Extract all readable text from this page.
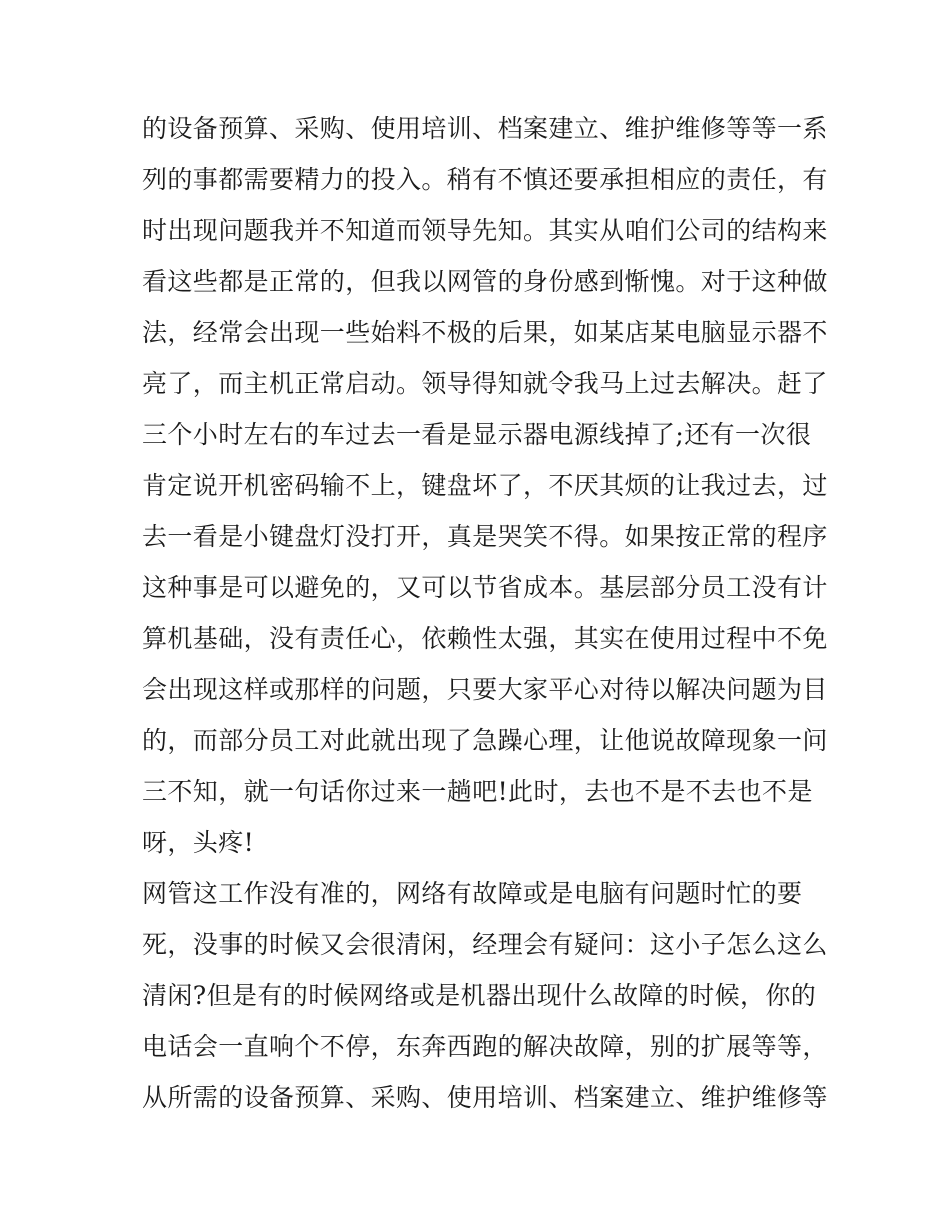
的设备预算、采购、使用培训、档案建立、维护维修等等一系
列的事都需要精力的投入。稍有不慎还要承担相应的责任，有
时出现问题我并不知道而领导先知。其实从咱们公司的结构来
看这些都是正常的，但我以网管的身份感到惭愧。对于这种做
法，经常会出现一些始料不极的后果，如某店某电脑显示器不
亮了，而主机正常启动。领导得知就令我马上过去解决。赶了
三个小时左右的车过去一看是显示器电源线掉了;还有一次很
肯定说开机密码输不上，键盘坏了，不厌其烦的让我过去，过
去一看是小键盘灯没打开，真是哭笑不得。如果按正常的程序
这种事是可以避免的，又可以节省成本。基层部分员工没有计
算机基础，没有责任心，依赖性太强，其实在使用过程中不免
会出现这样或那样的问题，只要大家平心对待以解决问题为目
的，而部分员工对此就出现了急躁心理，让他说故障现象一问
三不知，就一句话你过来一趟吧!此时，去也不是不去也不是
呀，头疼!
网管这工作没有准的，网络有故障或是电脑有问题时忙的要
死，没事的时候又会很清闲，经理会有疑问：这小子怎么这么
清闲?但是有的时候网络或是机器出现什么故障的时候，你的
电话会一直响个不停，东奔西跑的解决故障，别的扩展等等，
从所需的设备预算、采购、使用培训、档案建立、维护维修等
